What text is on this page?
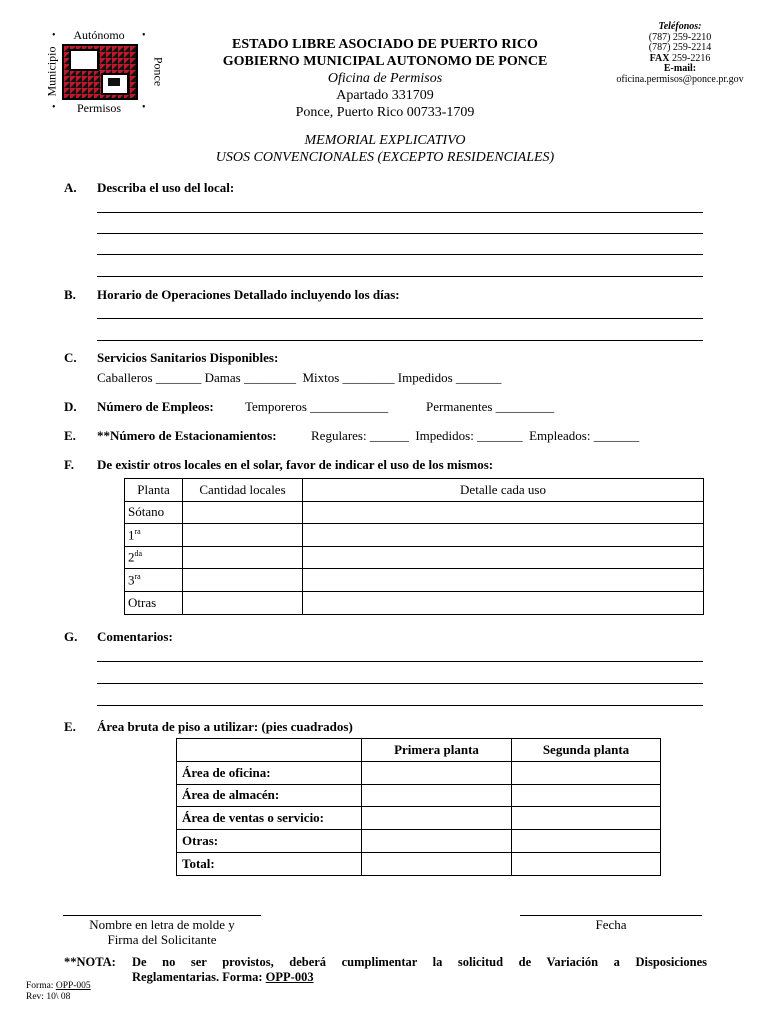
•	•
•	•
Autónomo
Municipio	Ponce
Permisos
ESTADO LIBRE ASOCIADO DE PUERTO RICO
GOBIERNO MUNICIPAL AUTONOMO DE PONCE
Oficina de Permisos
Apartado 331709
Ponce, Puerto Rico 00733-1709
Teléfonos:
(787) 259-2210
(787) 259-2214
FAX 259-2216
E-mail:
oficina.permisos@ponce.pr.gov
MEMORIAL EXPLICATIVO
USOS CONVENCIONALES (EXCEPTO RESIDENCIALES)
A. Describa el uso del local:
B. Horario de Operaciones Detallado incluyendo los días:
C. Servicios Sanitarios Disponibles:
Caballeros _______ Damas ________  Mixtos ________ Impedidos _______
D. Número de Empleos: Temporeros ____________	Permanentes _________
E. **Número de Estacionamientos:	Regulares: ______  Impedidos: _______  Empleados: _______
F. De existir otros locales en el solar, favor de indicar el uso de los mismos:
Planta	Cantidad locales	Detalle cada uso
Sótano		
$1^{ra}$		
$2^{da}$		
$3^{ra}$		
Otras		
G. Comentarios:
E. Área bruta de piso a utilizar: (pies cuadrados)
	Primera planta	Segunda planta
Área de oficina:		
Área de almacén:		
Área de ventas o servicio:		
Otras:		
Total:		
Nombre en letra de molde y
Firma del Solicitante
Fecha
**NOTA:	De no ser provistos, deberá cumplimentar la solicitud de Variación a Disposiciones
Reglamentarias. Forma: OPP-003
Forma: OPP-005
Rev: 10\ 08
